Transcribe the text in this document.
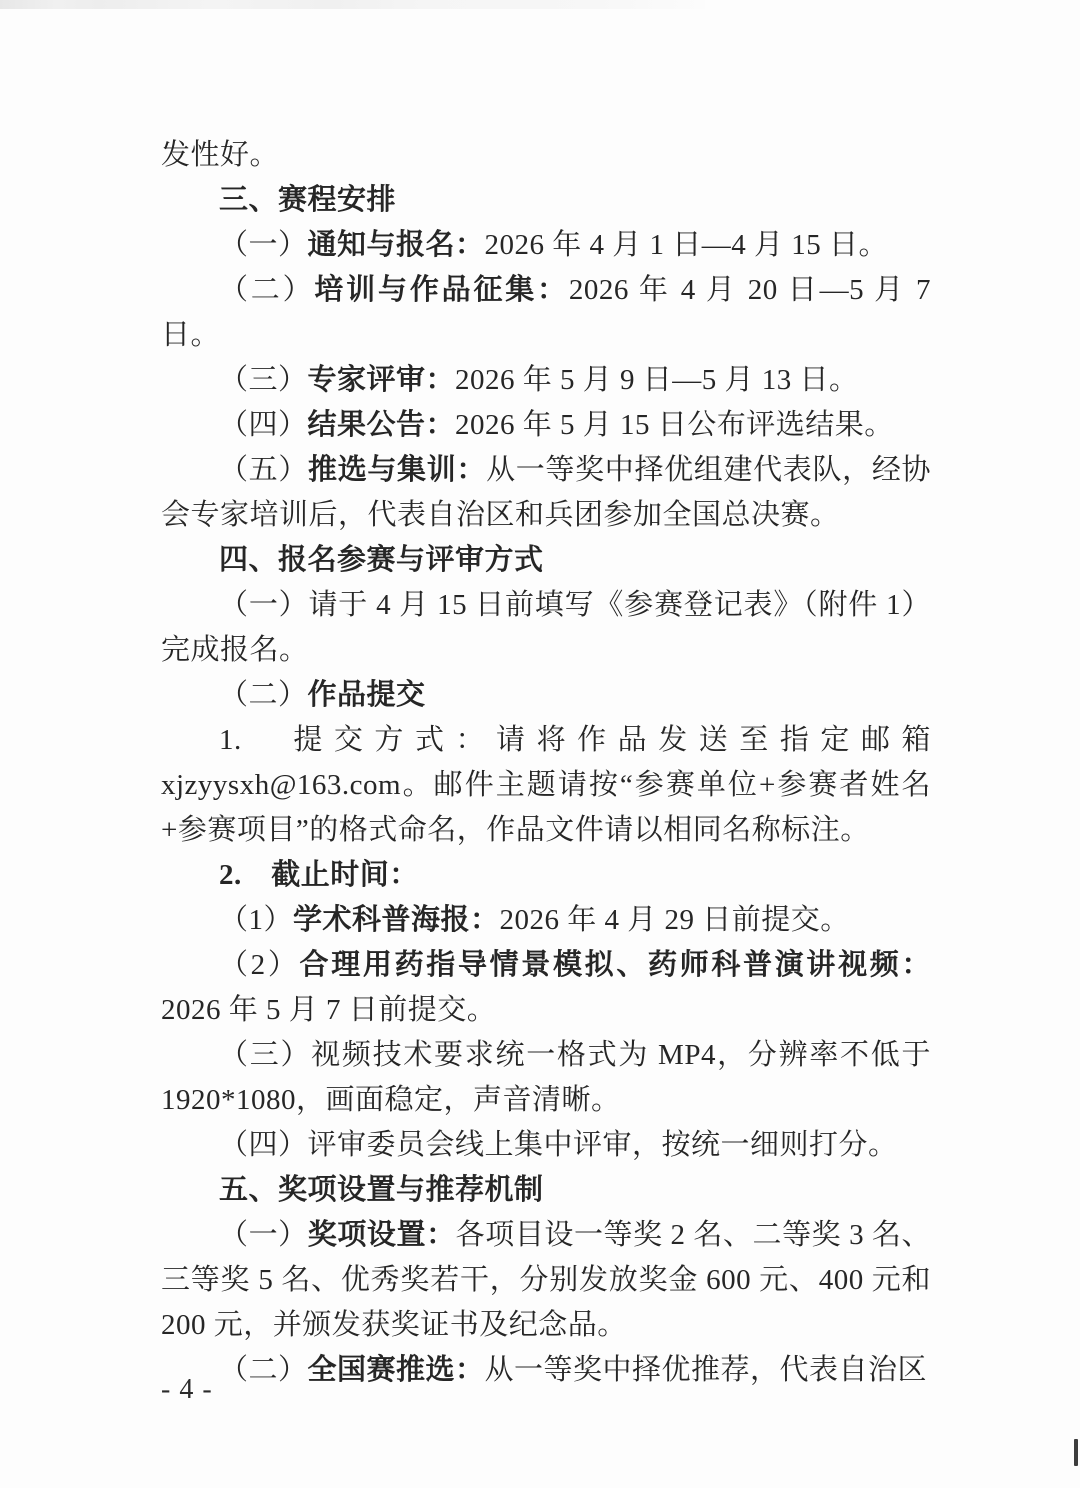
发性好。

三、赛程安排

（一）通知与报名：2026 年 4 月 1 日—4 月 15 日。

（二）培训与作品征集：2026 年 4 月 20 日—5 月 7 日。

（三）专家评审：2026 年 5 月 9 日—5 月 13 日。

（四）结果公告：2026 年 5 月 15 日公布评选结果。

（五）推选与集训：从一等奖中择优组建代表队，经协会专家培训后，代表自治区和兵团参加全国总决赛。

四、报名参赛与评审方式

（一）请于 4 月 15 日前填写《参赛登记表》（附件 1）完成报名。

（二）作品提交

1.　提交方式：请将作品发送至指定邮箱xjzyysxh@163.com。邮件主题请按“参赛单位+参赛者姓名+参赛项目”的格式命名，作品文件请以相同名称标注。

2.　截止时间：

（1）学术科普海报：2026 年 4 月 29 日前提交。

（2）合理用药指导情景模拟、药师科普演讲视频：2026 年 5 月 7 日前提交。

（三）视频技术要求统一格式为 MP4，分辨率不低于 1920*1080，画面稳定，声音清晰。

（四）评审委员会线上集中评审，按统一细则打分。

五、奖项设置与推荐机制

（一）奖项设置：各项目设一等奖 2 名、二等奖 3 名、三等奖 5 名、优秀奖若干，分别发放奖金 600 元、400 元和 200 元，并颁发获奖证书及纪念品。

（二）全国赛推选：从一等奖中择优推荐，代表自治区

- 4 -
